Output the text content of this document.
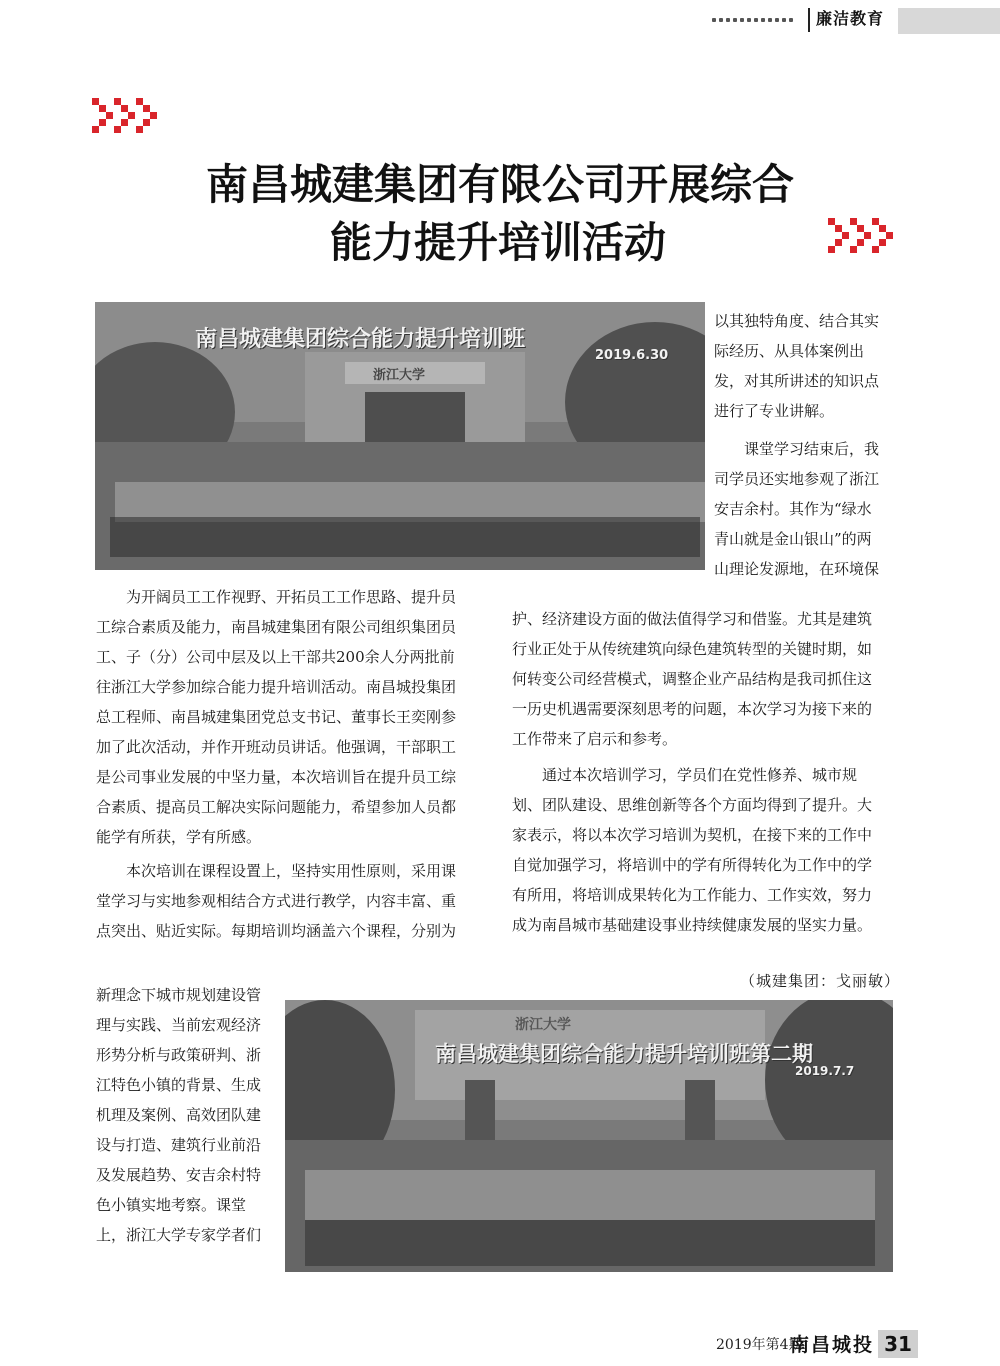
廉洁教育
南昌城建集团有限公司开展综合
能力提升培训活动
南昌城建集团综合能力提升培训班
2019.6.30
浙江大学

以其独特角度、结合其实

际经历、从具体案例出

发，对其所讲述的知识点

进行了专业讲解。

　　课堂学习结束后，我

司学员还实地参观了浙江

安吉余村。其作为“绿水

青山就是金山银山”的两

山理论发源地，在环境保

　　为开阔员工工作视野、开拓员工工作思路、提升员

工综合素质及能力，南昌城建集团有限公司组织集团员

工、子（分）公司中层及以上干部共200余人分两批前

往浙江大学参加综合能力提升培训活动。南昌城投集团

总工程师、南昌城建集团党总支书记、董事长王奕刚参

加了此次活动，并作开班动员讲话。他强调，干部职工

是公司事业发展的中坚力量，本次培训旨在提升员工综

合素质、提高员工解决实际问题能力，希望参加人员都

能学有所获，学有所感。

　　本次培训在课程设置上，坚持实用性原则，采用课

堂学习与实地参观相结合方式进行教学，内容丰富、重

点突出、贴近实际。每期培训均涵盖六个课程，分别为

新理念下城市规划建设管

理与实践、当前宏观经济

形势分析与政策研判、浙

江特色小镇的背景、生成

机理及案例、高效团队建

设与打造、建筑行业前沿

及发展趋势、安吉余村特

色小镇实地考察。课堂

上，浙江大学专家学者们

护、经济建设方面的做法值得学习和借鉴。尤其是建筑

行业正处于从传统建筑向绿色建筑转型的关键时期，如

何转变公司经营模式，调整企业产品结构是我司抓住这

一历史机遇需要深刻思考的问题，本次学习为接下来的

工作带来了启示和参考。

　　通过本次培训学习，学员们在党性修养、城市规

划、团队建设、思维创新等各个方面均得到了提升。大

家表示，将以本次学习培训为契机，在接下来的工作中

自觉加强学习，将培训中的学有所得转化为工作中的学

有所用，将培训成果转化为工作能力、工作实效，努力

成为南昌城市基础建设事业持续健康发展的坚实力量。

（城建集团：戈丽敏）
南昌城建集团综合能力提升培训班第二期
2019.7.7
浙江大学
2019年第4期
南昌城投 31
